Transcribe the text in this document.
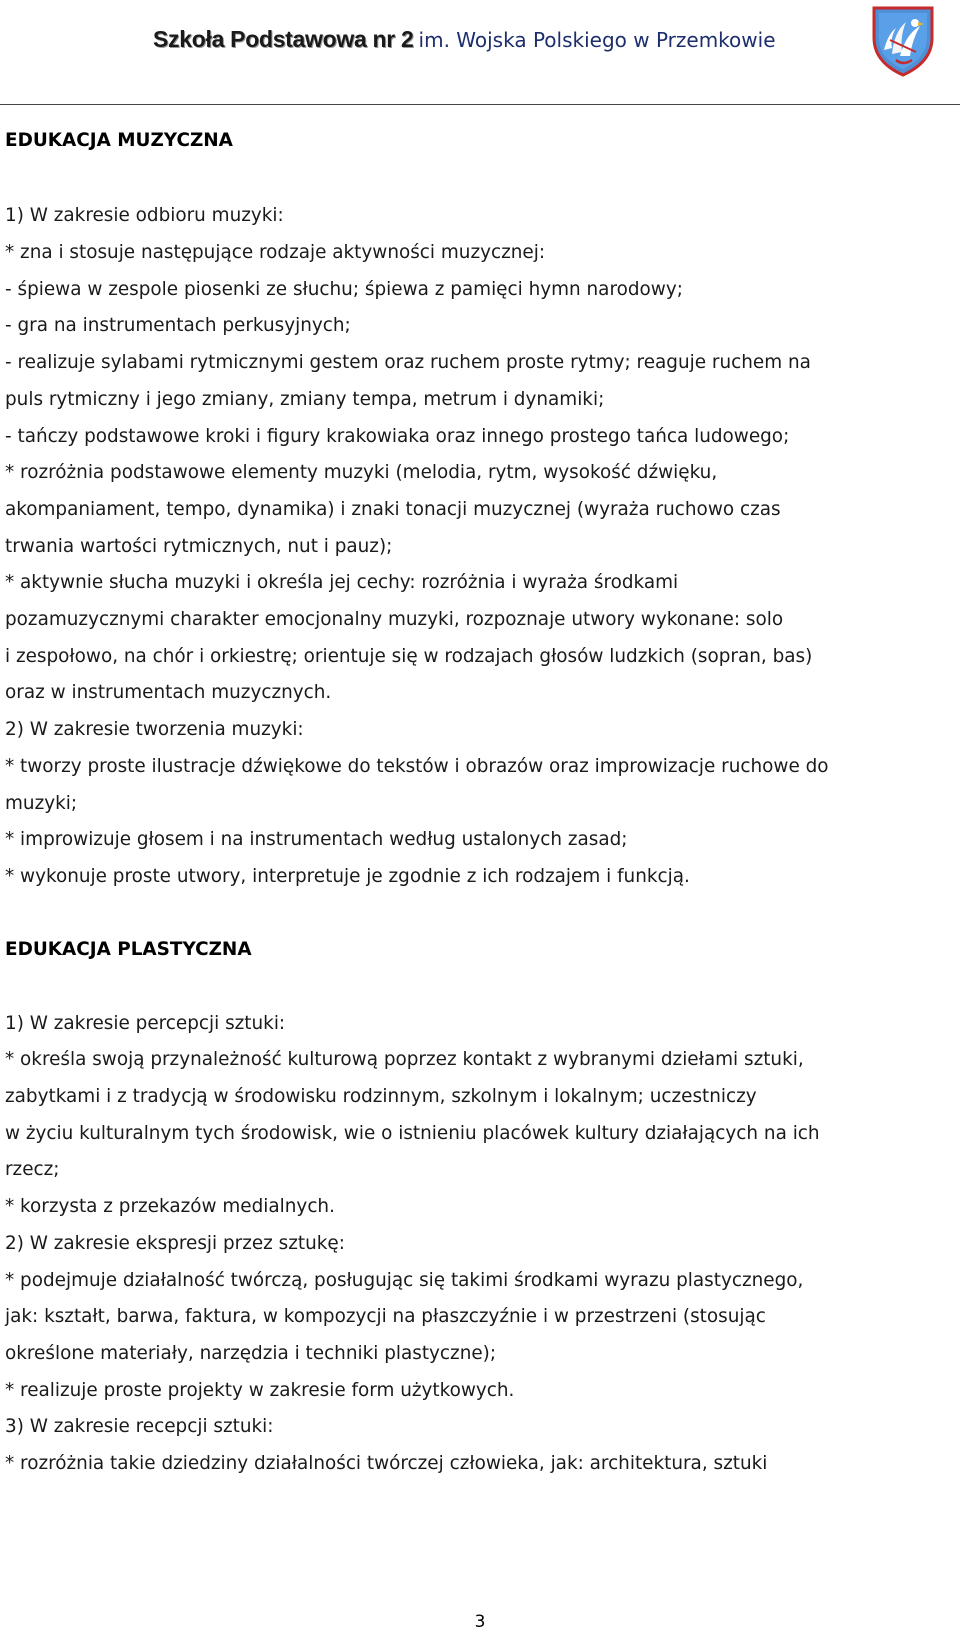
Szkoła Podstawowa nr 2 im. Wojska Polskiego w Przemkowie
EDUKACJA MUZYCZNA
1) W zakresie odbioru muzyki:
* zna i stosuje następujące rodzaje aktywności muzycznej:
- śpiewa w zespole piosenki ze słuchu; śpiewa z pamięci hymn narodowy;
- gra na instrumentach perkusyjnych;
- realizuje sylabami rytmicznymi gestem oraz ruchem proste rytmy; reaguje ruchem na
puls rytmiczny i jego zmiany, zmiany tempa, metrum i dynamiki;
- tańczy podstawowe kroki i figury krakowiaka oraz innego prostego tańca ludowego;
* rozróżnia podstawowe elementy muzyki (melodia, rytm, wysokość dźwięku,
akompaniament, tempo, dynamika) i znaki tonacji muzycznej (wyraża ruchowo czas
trwania wartości rytmicznych, nut i pauz);
* aktywnie słucha muzyki i określa jej cechy: rozróżnia i wyraża środkami
pozamuzycznymi charakter emocjonalny muzyki, rozpoznaje utwory wykonane: solo
i zespołowo, na chór i orkiestrę; orientuje się w rodzajach głosów ludzkich (sopran, bas)
oraz w instrumentach muzycznych.
2) W zakresie tworzenia muzyki:
* tworzy proste ilustracje dźwiękowe do tekstów i obrazów oraz improwizacje ruchowe do
muzyki;
* improwizuje głosem i na instrumentach według ustalonych zasad;
* wykonuje proste utwory, interpretuje je zgodnie z ich rodzajem i funkcją.
EDUKACJA PLASTYCZNA
1) W zakresie percepcji sztuki:
* określa swoją przynależność kulturową poprzez kontakt z wybranymi dziełami sztuki,
zabytkami i z tradycją w środowisku rodzinnym, szkolnym i lokalnym; uczestniczy
w życiu kulturalnym tych środowisk, wie o istnieniu placówek kultury działających na ich
rzecz;
* korzysta z przekazów medialnych.
2) W zakresie ekspresji przez sztukę:
* podejmuje działalność twórczą, posługując się takimi środkami wyrazu plastycznego,
jak: kształt, barwa, faktura, w kompozycji na płaszczyźnie i w przestrzeni (stosując
określone materiały, narzędzia i techniki plastyczne);
* realizuje proste projekty w zakresie form użytkowych.
3) W zakresie recepcji sztuki:
* rozróżnia takie dziedziny działalności twórczej człowieka, jak: architektura, sztuki
3
